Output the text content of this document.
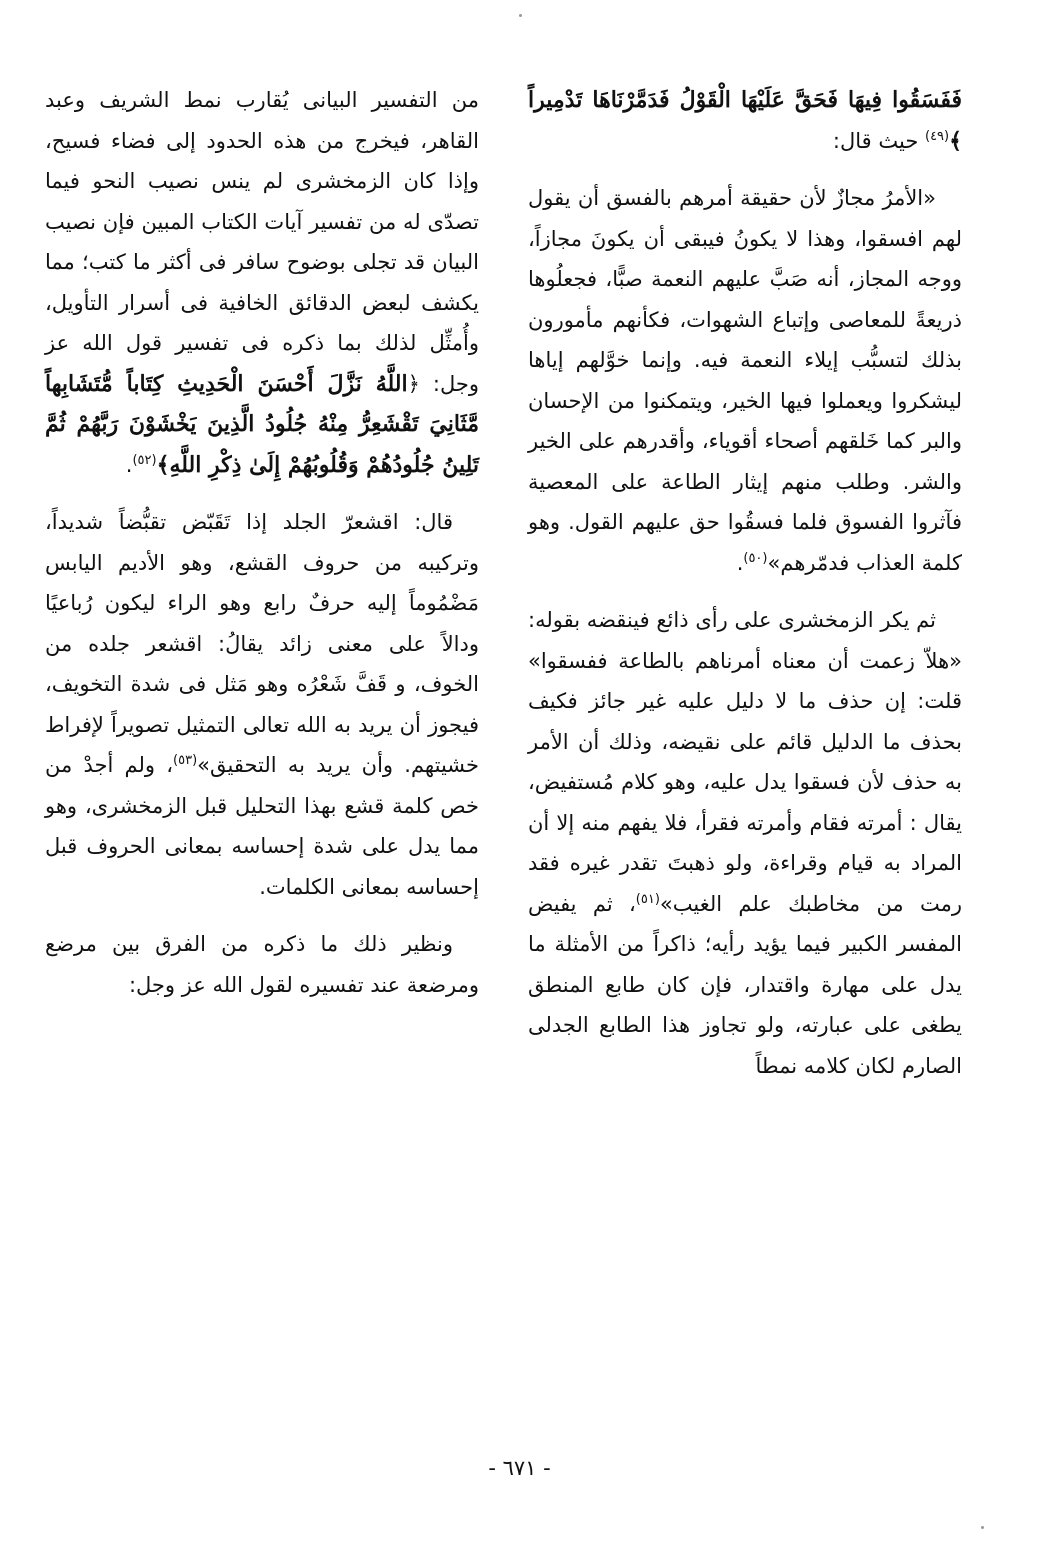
فَفَسَقُوا فِيهَا فَحَقَّ عَلَيْهَا الْقَوْلُ فَدَمَّرْنَاهَا تَدْمِيراً ﴾$^{(٤٩)}$ حيث قال:

«الأمرُ مجازٌ لأن حقيقة أمرهم بالفسق أن يقول لهم افسقوا، وهذا لا يكونُ فيبقى أن يكونَ مجازاً، ووجه المجاز، أنه صَبَّ عليهم النعمة صبًّا، فجعلُوها ذريعةً للمعاصى وإتباع الشهوات، فكأنهم مأمورون بذلك لتسبُّب إيلاء النعمة فيه. وإنما خوَّلهم إياها ليشكروا ويعملوا فيها الخير، ويتمكنوا من الإحسان والبر كما خَلقهم أصحاء أقوياء، وأقدرهم على الخير والشر. وطلب منهم إيثار الطاعة على المعصية فآثروا الفسوق فلما فسقُوا حق عليهم القول. وهو كلمة العذاب فدمّرهم»$^{(٥٠)}$.

ثم يكر الزمخشرى على رأى ذائع فينقضه بقوله: «هلاّ زعمت أن معناه أمرناهم بالطاعة ففسقوا» قلت: إن حذف ما لا دليل عليه غير جائز فكيف بحذف ما الدليل قائم على نقيضه، وذلك أن الأمر به حذف لأن فسقوا يدل عليه، وهو كلام مُستفيض، يقال : أمرته فقام وأمرته فقرأ، فلا يفهم منه إلا أن المراد به قيام وقراءة، ولو ذهبتَ تقدر غيره فقد رمت من مخاطبك علم الغيب»$^{(٥١)}$، ثم يفيض المفسر الكبير فيما يؤيد رأيه؛ ذاكراً من الأمثلة ما يدل على مهارة واقتدار، فإن كان طابع المنطق يطغى على عبارته، ولو تجاوز هذا الطابع الجدلى الصارم لكان كلامه نمطاً

من التفسير البيانى يُقارب نمط الشريف وعبد القاهر، فيخرج من هذه الحدود إلى فضاء فسيح، وإذا كان الزمخشرى لم ينس نصيب النحو فيما تصدّى له من تفسير آيات الكتاب المبين فإن نصيب البيان قد تجلى بوضوح سافر فى أكثر ما كتب؛ مما يكشف لبعض الدقائق الخافية فى أسرار التأويل، وأُمثِّل لذلك بما ذكره فى تفسير قول الله عز وجل: ﴿اللَّهُ نَزَّلَ أَحْسَنَ الْحَدِيثِ كِتَاباً مُّتَشَابِهاً مَّثَانِيَ تَقْشَعِرُّ مِنْهُ جُلُودُ الَّذِينَ يَخْشَوْنَ رَبَّهُمْ ثُمَّ تَلِينُ جُلُودُهُمْ وَقُلُوبُهُمْ إِلَىٰ ذِكْرِ اللَّهِ﴾$^{(٥٢)}$.

قال: اقشعرّ الجلد إذا تَقَبّض تقبُّضاً شديداً، وتركيبه من حروف القشع، وهو الأديم اليابس مَضْمُوماً إليه حرفٌ رابع وهو الراء ليكون رُباعيًا ودالاً على معنى زائد يقالُ: اقشعر جلده من الخوف، و قَفَّ شَعْرُه وهو مَثل فى شدة التخويف، فيجوز أن يريد به الله تعالى التمثيل تصويراً لإفراط خشيتهم. وأن يريد به التحقيق»$^{(٥٣)}$، ولم أجدْ من خص كلمة قشع بهذا التحليل قبل الزمخشرى، وهو مما يدل على شدة إحساسه بمعانى الحروف قبل إحساسه بمعانى الكلمات.

ونظير ذلك ما ذكره من الفرق بين مرضع ومرضعة عند تفسيره لقول الله عز وجل:

- ٦٧١ -
